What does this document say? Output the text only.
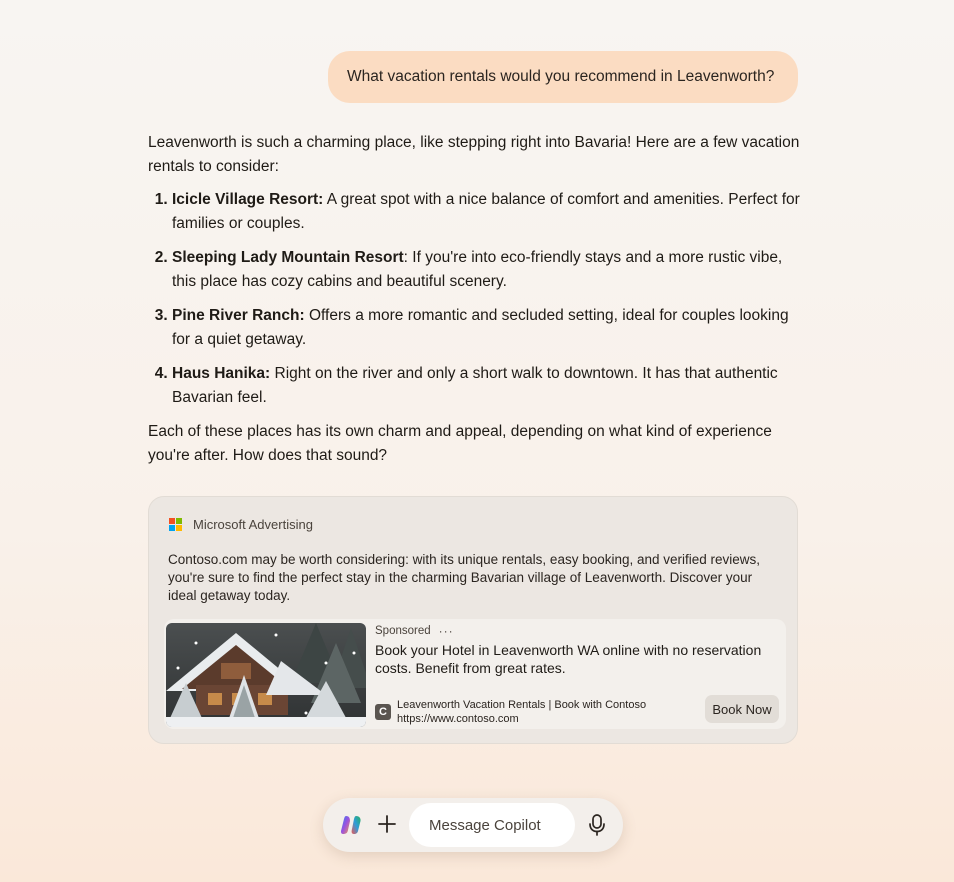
What vacation rentals would you recommend in Leavenworth?

Leavenworth is such a charming place, like stepping right into Bavaria! Here are a few vacation rentals to consider:

1. Icicle Village Resort: A great spot with a nice balance of comfort and amenities. Perfect for families or couples.
2. Sleeping Lady Mountain Resort: If you're into eco-friendly stays and a more rustic vibe, this place has cozy cabins and beautiful scenery.
3. Pine River Ranch: Offers a more romantic and secluded setting, ideal for couples looking for a quiet getaway.
4. Haus Hanika: Right on the river and only a short walk to downtown. It has that authentic Bavarian feel.

Each of these places has its own charm and appeal, depending on what kind of experience you're after. How does that sound?

Microsoft Advertising
Contoso.com may be worth considering: with its unique rentals, easy booking, and verified reviews, you're sure to find the perfect stay in the charming Bavarian village of Leavenworth. Discover your ideal getaway today.
Sponsored ···
Book your Hotel in Leavenworth WA online with no reservation costs. Benefit from great rates.
C
Leavenworth Vacation Rentals | Book with Contoso
https://www.contoso.com
Book Now
Message Copilot
